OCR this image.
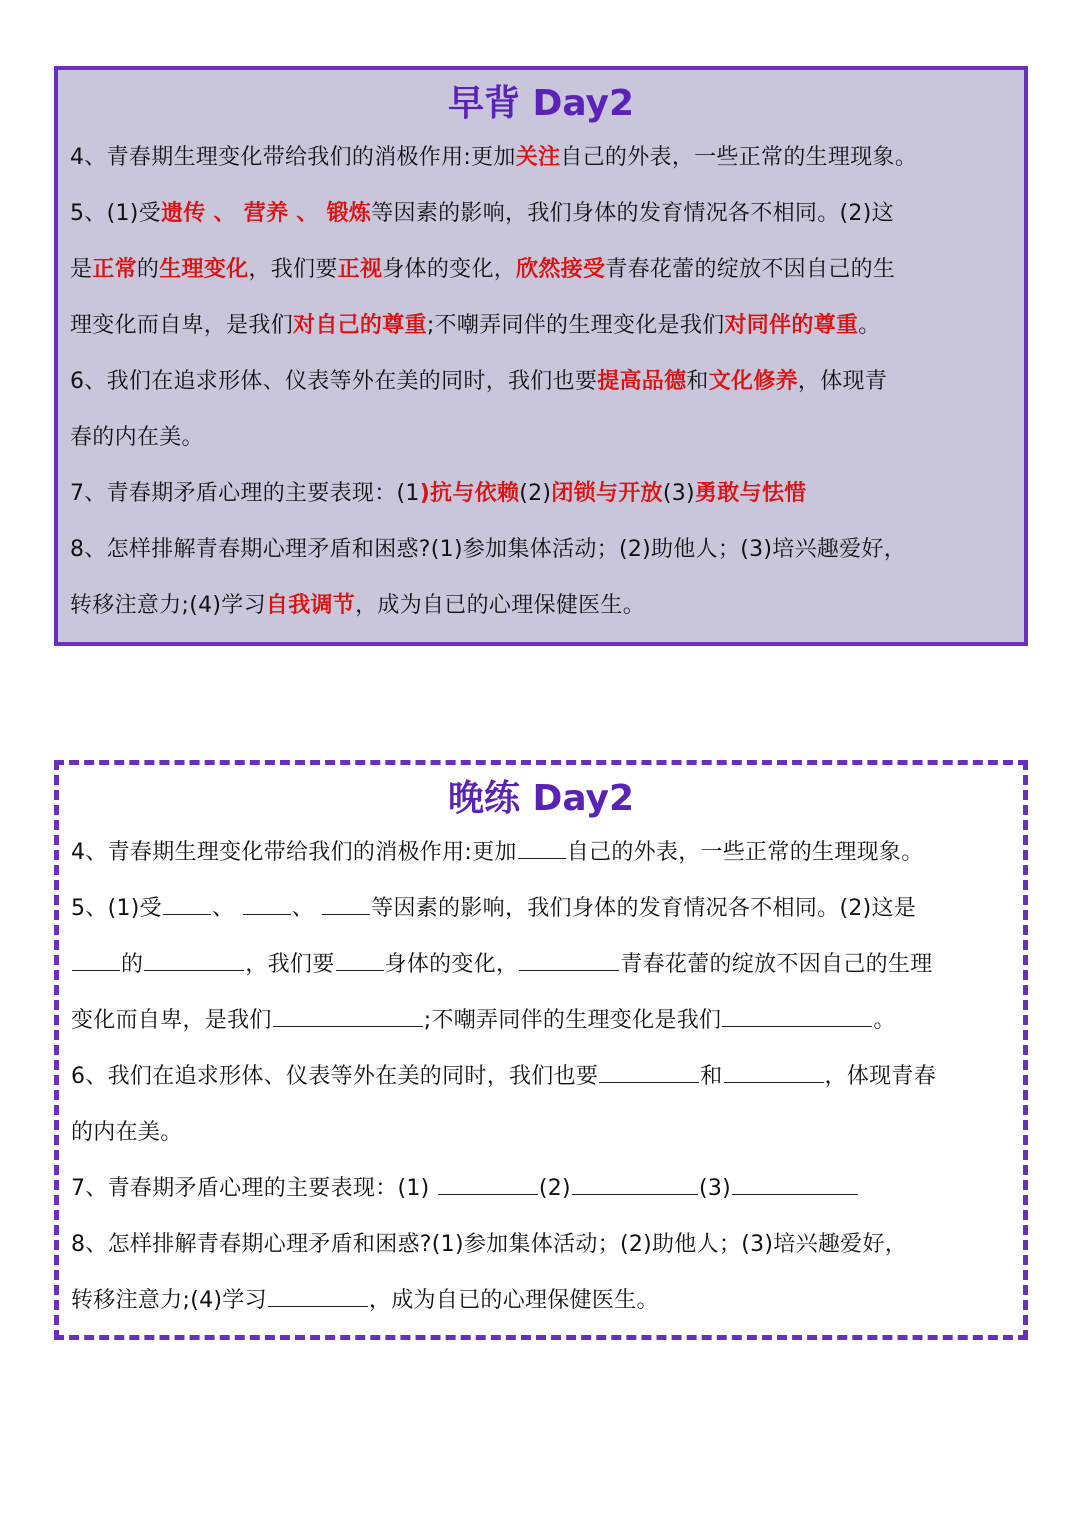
早背 Day2
4、青春期生理变化带给我们的消极作用:更加关注自己的外表，一些正常的生理现象。
5、(1)受遗传 、 营养 、 锻炼等因素的影响，我们身体的发育情况各不相同。(2)这
是正常的生理变化，我们要正视身体的变化，欣然接受青春花蕾的绽放不因自己的生
理变化而自卑，是我们对自己的尊重;不嘲弄同伴的生理变化是我们对同伴的尊重。
6、我们在追求形体、仪表等外在美的同时，我们也要提高品德和文化修养，体现青
春的内在美。
7、青春期矛盾心理的主要表现：(1)抗与依赖(2)闭锁与开放(3)勇敢与怯惜
8、怎样排解青春期心理矛盾和困惑?(1)参加集体活动；(2)助他人；(3)培兴趣爱好，
转移注意力;(4)学习自我调节，成为自已的心理保健医生。
晚练 Day2
4、青春期生理变化带给我们的消极作用:更加 自己的外表，一些正常的生理现象。
5、(1)受 、 、 等因素的影响，我们身体的发育情况各不相同。(2)这是
的	，我们要 身体的变化，	青春花蕾的绽放不因自己的生理
变化而自卑，是我们	;不嘲弄同伴的生理变化是我们	。
6、我们在追求形体、仪表等外在美的同时，我们也要	和	，体现青春
的内在美。
7、青春期矛盾心理的主要表现：(1)	(2)	(3)
8、怎样排解青春期心理矛盾和困惑?(1)参加集体活动；(2)助他人；(3)培兴趣爱好，
转移注意力;(4)学习	，成为自已的心理保健医生。
